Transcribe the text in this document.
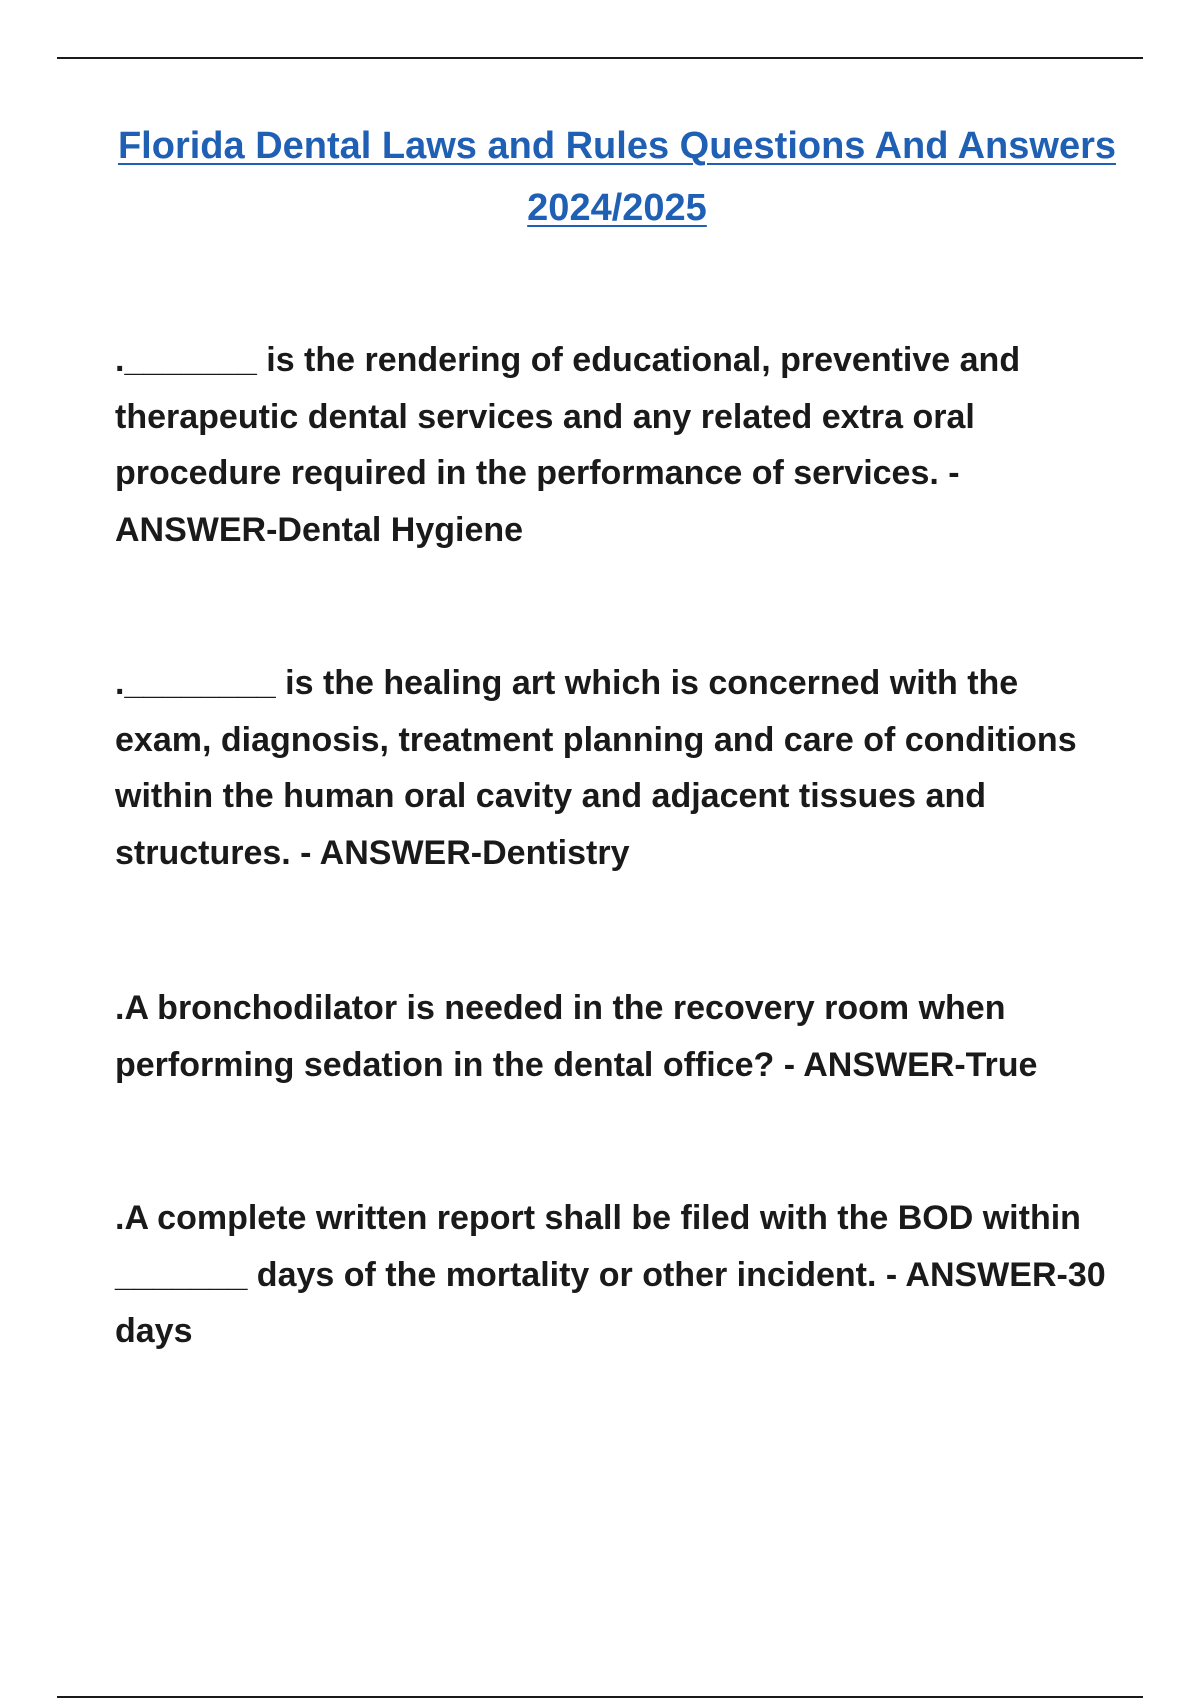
Florida Dental Laws and Rules Questions And Answers 2024/2025
._______ is the rendering of educational, preventive and therapeutic dental services and any related extra oral procedure required in the performance of services. - ANSWER-Dental Hygiene
.________ is the healing art which is concerned with the exam, diagnosis, treatment planning and care of conditions within the human oral cavity and adjacent tissues and structures. - ANSWER-Dentistry
.A bronchodilator is needed in the recovery room when performing sedation in the dental office? - ANSWER-True
.A complete written report shall be filed with the BOD within _______ days of the mortality or other incident. - ANSWER-30 days
